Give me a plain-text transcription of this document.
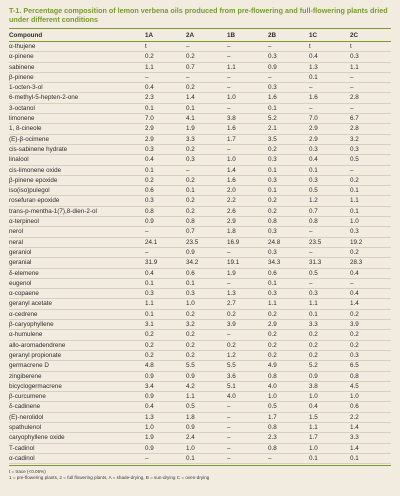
T-1. Percentage composition of lemon verbena oils produced from pre-flowering and full-flowering plants dried under different conditions
Compound	1A	2A	1B	2B	1C	2C
α-thujene	t	–	–	–	t	t
α-pinene	0.2	0.2	–	0.3	0.4	0.3
sabinene	1.1	0.7	1.1	0.9	1.3	1.1
β-pinene	–	–	–	–	0.1	–
1-octen-3-ol	0.4	0.2	–	0.3	–	–
6-methyl-5-hepten-2-one	2.3	1.4	1.0	1.6	1.6	2.8
3-octanol	0.1	0.1	–	0.1	–	–
limonene	7.0	4.1	3.8	5.2	7.0	6.7
1, 8-cineole	2.9	1.9	1.6	2.1	2.9	2.8
(E)-β-ocimene	2.9	3.3	1.7	3.5	2.9	3.2
cis-sabinene hydrate	0.3	0.2	–	0.2	0.3	0.3
linalool	0.4	0.3	1.0	0.3	0.4	0.5
cis-limonene oxide	0.1	–	1.4	0.1	0.1	–
β-pinene epoxide	0.2	0.2	1.6	0.3	0.3	0.2
iso(iso)pulegol	0.6	0.1	2.0	0.1	0.5	0.1
rosefuran epoxide	0.3	0.2	2.2	0.2	1.2	1.1
trans-p-mentha-1(7),8-dien-2-ol	0.8	0.2	2.6	0.2	0.7	0.1
α-terpineol	0.9	0.8	2.9	0.8	0.8	1.0
nerol	–	0.7	1.8	0.3	–	0.3
neral	24.1	23.5	16.9	24.8	23.5	19.2
geraniol	–	0.9	–	0.3	–	0.2
geranial	31.9	34.2	19.1	34.3	31.3	28.3
δ-elemene	0.4	0.6	1.9	0.6	0.5	0.4
eugenol	0.1	0.1	–	0.1	–	–
α-copaene	0.3	0.3	1.3	0.3	0.3	0.4
geranyl acetate	1.1	1.0	2.7	1.1	1.1	1.4
α-cedrene	0.1	0.2	0.2	0.2	0.1	0.2
β-caryophyllene	3.1	3.2	3.9	2.9	3.3	3.9
α-humulene	0.2	0.2	–	0.2	0.2	0.2
allo-aromadendrene	0.2	0.2	0.2	0.2	0.2	0.2
geranyl propionate	0.2	0.2	1.2	0.2	0.2	0.3
germacrene D	4.8	5.5	5.5	4.9	5.2	6.5
zingiberene	0.9	0.9	3.6	0.8	0.9	0.8
bicyclogermacrene	3.4	4.2	5.1	4.0	3.8	4.5
β-curcumene	0.9	1.1	4.0	1.0	1.0	1.0
δ-cadinene	0.4	0.5	–	0.5	0.4	0.6
(E)-nerolidol	1.3	1.8	–	1.7	1.5	2.2
spathulenol	1.0	0.9	–	0.8	1.1	1.4
caryophyllene oxide	1.9	2.4	–	2.3	1.7	3.3
T-cadinol	0.9	1.0	–	0.8	1.0	1.4
α-cadinol	–	0.1	–	–	0.1	0.1
t = trace (<0.05%)
1 = pre-flowering plants, 2 = full flowering plants, A = shade-drying, B = sun-drying C = oven-drying
